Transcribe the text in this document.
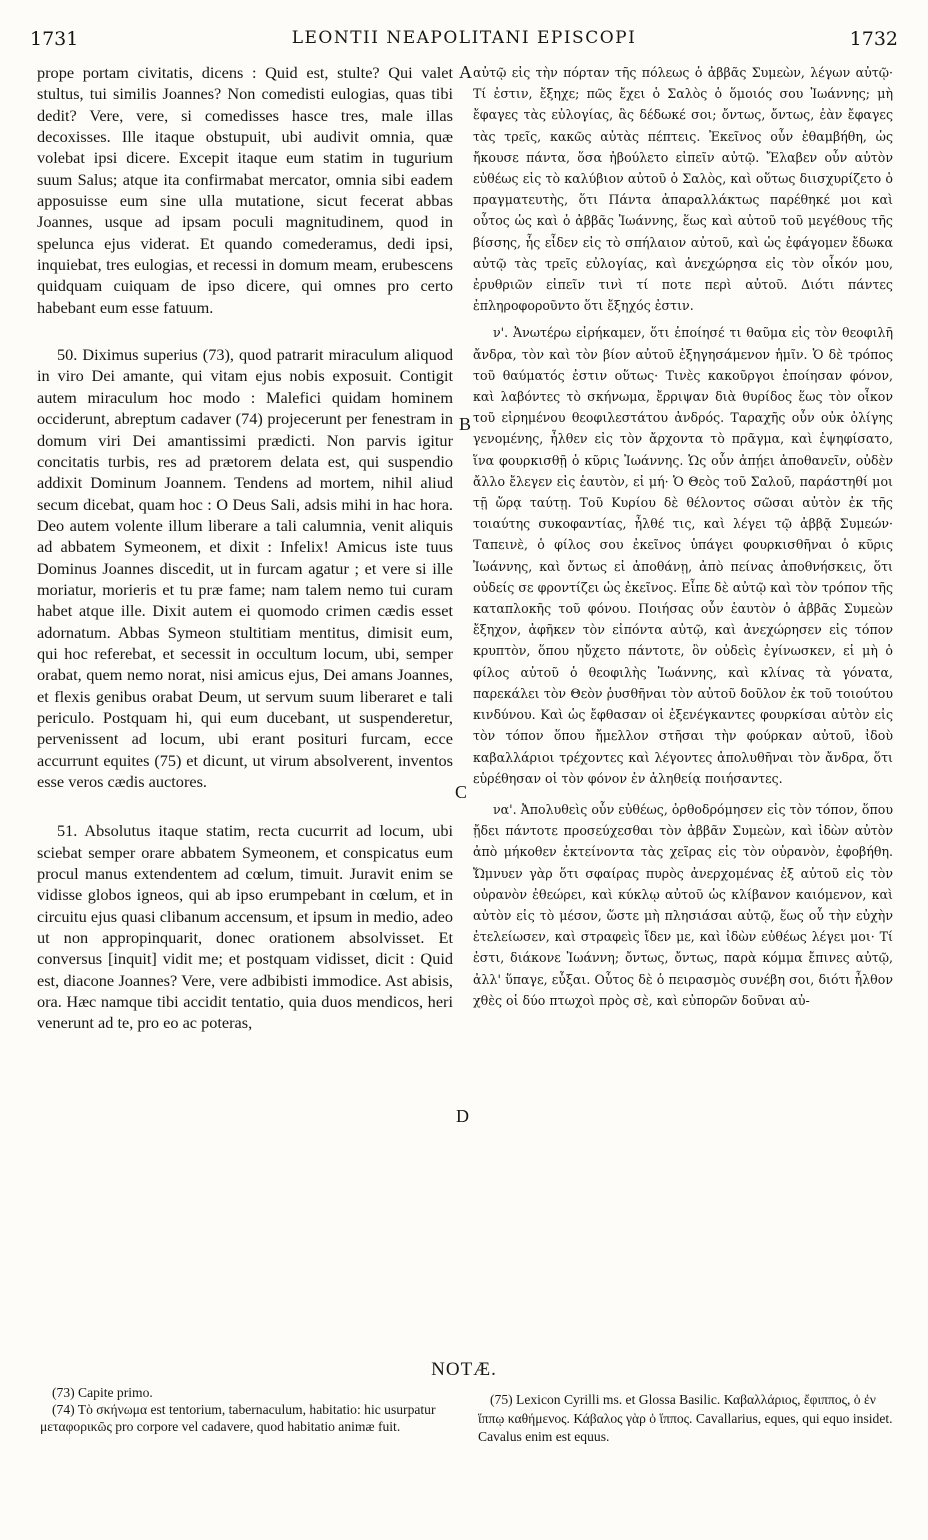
1731	LEONTII NEAPOLITANI EPISCOPI	1732

prope portam civitatis, dicens : Quid est, stulte? Qui valet stultus, tui similis Joannes? Non comedisti eulogias, quas tibi dedit? Vere, vere, si comedisses hasce tres, male illas decoxisses. Ille itaque obstupuit, ubi audivit omnia, quæ volebat ipsi dicere. Excepit itaque eum statim in tugurium suum Salus; atque ita confirmabat mercator, omnia sibi eadem apposuisse eum sine ulla mutatione, sicut fecerat abbas Joannes, usque ad ipsam poculi magnitudinem, quod in spelunca ejus viderat. Et quando comederamus, dedi ipsi, inquiebat, tres eulogias, et recessi in domum meam, erubescens quidquam cuiquam de ipso dicere, qui omnes pro certo habebant eum esse fatuum.

50. Diximus superius (73), quod patrarit miraculum aliquod in viro Dei amante, qui vitam ejus nobis exposuit. Contigit autem miraculum hoc modo : Malefici quidam hominem occiderunt, abreptum cadaver (74) projecerunt per fenestram in domum viri Dei amantissimi prædicti. Non parvis igitur concitatis turbis, res ad prætorem delata est, qui suspendio addixit Dominum Joannem. Tendens ad mortem, nihil aliud secum dicebat, quam hoc : O Deus Sali, adsis mihi in hac hora. Deo autem volente illum liberare a tali calumnia, venit aliquis ad abbatem Symeonem, et dixit : Infelix! Amicus iste tuus Dominus Joannes discedit, ut in furcam agatur ; et vere si ille moriatur, morieris et tu præ fame; nam talem nemo tui curam habet atque ille. Dixit autem ei quomodo crimen cædis esset adornatum. Abbas Symeon stultitiam mentitus, dimisit eum, qui hoc referebat, et secessit in occultum locum, ubi, semper orabat, quem nemo norat, nisi amicus ejus, Dei amans Joannes, et flexis genibus orabat Deum, ut servum suum liberaret e tali periculo. Postquam hi, qui eum ducebant, ut suspenderetur, pervenissent ad locum, ubi erant posituri furcam, ecce accurrunt equites (75) et dicunt, ut virum absolverent, inventos esse veros cædis auctores.

51. Absolutus itaque statim, recta cucurrit ad locum, ubi sciebat semper orare abbatem Symeonem, et conspicatus eum procul manus extendentem ad cœlum, timuit. Juravit enim se vidisse globos igneos, qui ab ipso erumpebant in cœlum, et in circuitu ejus quasi clibanum accensum, et ipsum in medio, adeo ut non appropinquarit, donec orationem absolvisset. Et conversus [inquit] vidit me; et postquam vidisset, dicit : Quid est, diacone Joannes? Vere, vere adbibisti immodice. Ast abisis, ora. Hæc namque tibi accidit tentatio, quia duos mendicos, heri venerunt ad te, pro eo ac poteras,

A
B
C
D

αὐτῷ εἰς τὴν πόρταν τῆς πόλεως ὁ ἀββᾶς Συμεὼν, λέγων αὐτῷ· Τί ἐστιν, ἔξηχε; πῶς ἔχει ὁ Σαλὸς ὁ ὅμοιός σου Ἰωάννης; μὴ ἔφαγες τὰς εὐλογίας, ἃς δέδωκέ σοι; ὄντως, ὄντως, ἐὰν ἔφαγες τὰς τρεῖς, κακῶς αὐτὰς πέπτεις. Ἐκεῖνος οὖν ἐθαμβήθη, ὡς ἤκουσε πάντα, ὅσα ἠβούλετο εἰπεῖν αὐτῷ. Ἔλαβεν οὖν αὐτὸν εὐθέως εἰς τὸ καλύβιον αὐτοῦ ὁ Σαλὸς, καὶ οὕτως διισχυρίζετο ὁ πραγματευτὴς, ὅτι Πάντα ἀπαραλλάκτως παρέθηκέ μοι καὶ οὗτος ὡς καὶ ὁ ἀββᾶς Ἰωάννης, ἕως καὶ αὐτοῦ τοῦ μεγέθους τῆς βίσσης, ἧς εἶδεν εἰς τὸ σπήλαιον αὐτοῦ, καὶ ὡς ἐφάγομεν ἔδωκα αὐτῷ τὰς τρεῖς εὐλογίας, καὶ ἀνεχώρησα εἰς τὸν οἶκόν μου, ἐρυθριῶν εἰπεῖν τινὶ τί ποτε περὶ αὐτοῦ. Διότι πάντες ἐπληροφοροῦντο ὅτι ἔξηχός ἐστιν.

ν'. Ἀνωτέρω εἰρήκαμεν, ὅτι ἐποίησέ τι θαῦμα εἰς τὸν θεοφιλῆ ἄνδρα, τὸν καὶ τὸν βίον αὐτοῦ ἐξηγησάμενον ἡμῖν. Ὁ δὲ τρόπος τοῦ θαύματός ἐστιν οὕτως· Τινὲς κακοῦργοι ἐποίησαν φόνον, καὶ λαβόντες τὸ σκήνωμα, ἔρριψαν διὰ θυρίδος ἕως τὸν οἶκον τοῦ εἰρημένου θεοφιλεστάτου ἀνδρός. Ταραχῆς οὖν οὐκ ὀλίγης γενομένης, ἦλθεν εἰς τὸν ἄρχοντα τὸ πρᾶγμα, καὶ ἐψηφίσατο, ἵνα φουρκισθῇ ὁ κῦρις Ἰωάννης. Ὡς οὖν ἀπῄει ἀποθανεῖν, οὐδὲν ἄλλο ἔλεγεν εἰς ἑαυτὸν, εἰ μή· Ὁ Θεὸς τοῦ Σαλοῦ, παράστηθί μοι τῇ ὥρᾳ ταύτῃ. Τοῦ Κυρίου δὲ θέλοντος σῶσαι αὐτὸν ἐκ τῆς τοιαύτης συκοφαντίας, ἦλθέ τις, καὶ λέγει τῷ ἀββᾷ Συμεών· Ταπεινὲ, ὁ φίλος σου ἐκεῖνος ὑπάγει φουρκισθῆναι ὁ κῦρις Ἰωάννης, καὶ ὄντως εἰ ἀποθάνῃ, ἀπὸ πείνας ἀποθνήσκεις, ὅτι οὐδείς σε φροντίζει ὡς ἐκεῖνος. Εἶπε δὲ αὐτῷ καὶ τὸν τρόπον τῆς καταπλοκῆς τοῦ φόνου. Ποιήσας οὖν ἑαυτὸν ὁ ἀββᾶς Συμεὼν ἔξηχον, ἀφῆκεν τὸν εἰπόντα αὐτῷ, καὶ ἀνεχώρησεν εἰς τόπον κρυπτὸν, ὅπου ηὔχετο πάντοτε, ὃν οὐδεὶς ἐγίνωσκεν, εἰ μὴ ὁ φίλος αὐτοῦ ὁ θεοφιλὴς Ἰωάννης, καὶ κλίνας τὰ γόνατα, παρεκάλει τὸν Θεὸν ῥυσθῆναι τὸν αὐτοῦ δοῦλον ἐκ τοῦ τοιούτου κινδύνου. Καὶ ὡς ἔφθασαν οἱ ἐξενέγκαντες φουρκίσαι αὐτὸν εἰς τὸν τόπον ὅπου ἤμελλον στῆσαι τὴν φούρκαν αὐτοῦ, ἰδοὺ καβαλλάριοι τρέχοντες καὶ λέγοντες ἀπολυθῆναι τὸν ἄνδρα, ὅτι εὑρέθησαν οἱ τὸν φόνον ἐν ἀληθείᾳ ποιήσαντες.

να'. Ἀπολυθεὶς οὖν εὐθέως, ὀρθοδρόμησεν εἰς τὸν τόπον, ὅπου ᾔδει πάντοτε προσεύχεσθαι τὸν ἀββᾶν Συμεὼν, καὶ ἰδὼν αὐτὸν ἀπὸ μήκοθεν ἐκτείνοντα τὰς χεῖρας εἰς τὸν οὐρανὸν, ἐφοβήθη. Ὤμνυεν γὰρ ὅτι σφαίρας πυρὸς ἀνερχομένας ἐξ αὐτοῦ εἰς τὸν οὐρανὸν ἐθεώρει, καὶ κύκλῳ αὐτοῦ ὡς κλίβανον καιόμενον, καὶ αὐτὸν εἰς τὸ μέσον, ὥστε μὴ πλησιάσαι αὐτῷ, ἕως οὗ τὴν εὐχὴν ἐτελείωσεν, καὶ στραφεὶς ἴδεν με, καὶ ἰδὼν εὐθέως λέγει μοι· Τί ἐστι, διάκονε Ἰωάννη; ὄντως, ὄντως, παρὰ κόμμα ἔπινες αὐτῷ, ἀλλ' ὕπαγε, εὖξαι. Οὗτος δὲ ὁ πειρασμὸς συνέβη σοι, διότι ἦλθον χθὲς οἱ δύο πτωχοὶ πρὸς σὲ, καὶ εὐπορῶν δοῦναι αὐ-

NOTÆ.

(73) Capite primo.

(74) Τὸ σκήνωμα est tentorium, tabernaculum, habitatio: hic usurpatur μεταφορικῶς pro corpore vel cadavere, quod habitatio animæ fuit.

(75) Lexicon Cyrilli ms. et Glossa Basilic. Καβαλλάριος, ἔφιππος, ὁ ἐν ἵππῳ καθήμενος. Κάβαλος γὰρ ὁ ἵππος. Cavallarius, eques, qui equo insidet. Cavalus enim est equus.
